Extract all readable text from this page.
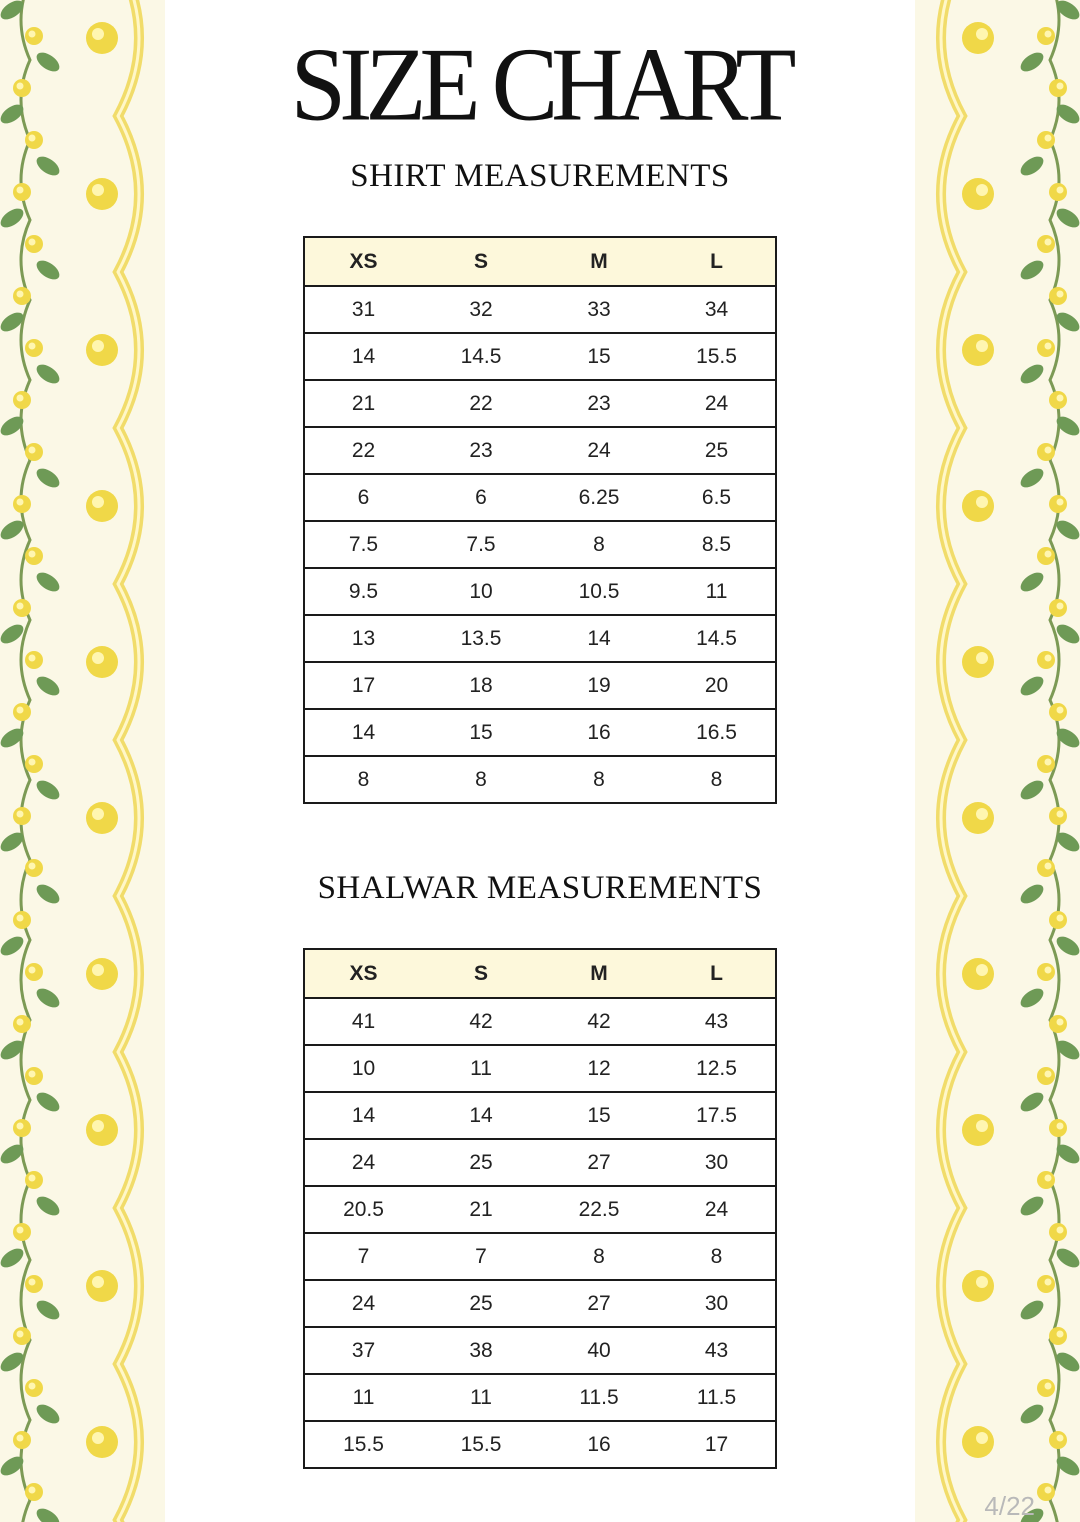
SIZE CHART
SHIRT MEASUREMENTS
XS	S	M	L
31	32	33	34
14	14.5	15	15.5
21	22	23	24
22	23	24	25
6	6	6.25	6.5
7.5	7.5	8	8.5
9.5	10	10.5	11
13	13.5	14	14.5
17	18	19	20
14	15	16	16.5
8	8	8	8
SHALWAR MEASUREMENTS
XS	S	M	L
41	42	42	43
10	11	12	12.5
14	14	15	17.5
24	25	27	30
20.5	21	22.5	24
7	7	8	8
24	25	27	30
37	38	40	43
11	11	11.5	11.5
15.5	15.5	16	17
4/22
